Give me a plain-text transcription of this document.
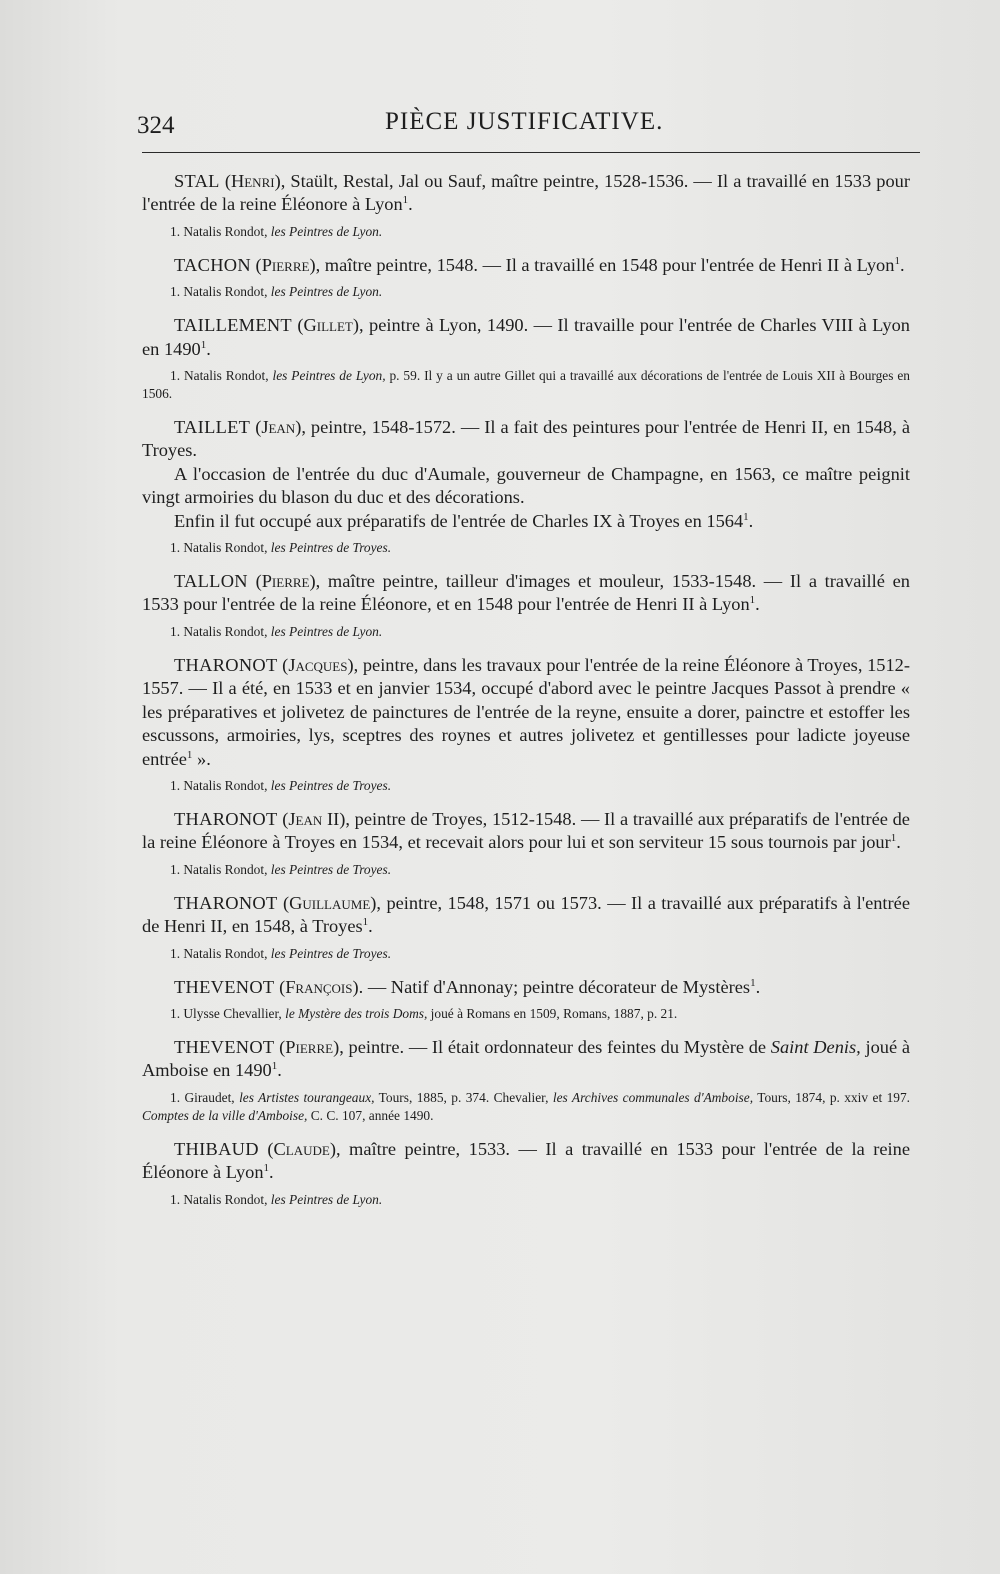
324	PIÈCE JUSTIFICATIVE.

STAL (Henri), Staült, Restal, Jal ou Sauf, maître peintre, 1528-1536. — Il a travaillé en 1533 pour l'entrée de la reine Éléonore à Lyon$^1$.

1. Natalis Rondot, les Peintres de Lyon.

TACHON (Pierre), maître peintre, 1548. — Il a travaillé en 1548 pour l'entrée de Henri II à Lyon$^1$.

1. Natalis Rondot, les Peintres de Lyon.

TAILLEMENT (Gillet), peintre à Lyon, 1490. — Il travaille pour l'entrée de Charles VIII à Lyon en 1490$^1$.

1. Natalis Rondot, les Peintres de Lyon, p. 59. Il y a un autre Gillet qui a travaillé aux décorations de l'entrée de Louis XII à Bourges en 1506.

TAILLET (Jean), peintre, 1548-1572. — Il a fait des peintures pour l'entrée de Henri II, en 1548, à Troyes.

A l'occasion de l'entrée du duc d'Aumale, gouverneur de Champagne, en 1563, ce maître peignit vingt armoiries du blason du duc et des décorations.

Enfin il fut occupé aux préparatifs de l'entrée de Charles IX à Troyes en 1564$^1$.

1. Natalis Rondot, les Peintres de Troyes.

TALLON (Pierre), maître peintre, tailleur d'images et mouleur, 1533-1548. — Il a travaillé en 1533 pour l'entrée de la reine Éléonore, et en 1548 pour l'entrée de Henri II à Lyon$^1$.

1. Natalis Rondot, les Peintres de Lyon.

THARONOT (Jacques), peintre, dans les travaux pour l'entrée de la reine Éléonore à Troyes, 1512-1557. — Il a été, en 1533 et en janvier 1534, occupé d'abord avec le peintre Jacques Passot à prendre « les préparatives et jolivetez de painctures de l'entrée de la reyne, ensuite a dorer, painctre et estoffer les escussons, armoiries, lys, sceptres des roynes et autres jolivetez et gentillesses pour ladicte joyeuse entrée$^1$ ».

1. Natalis Rondot, les Peintres de Troyes.

THARONOT (Jean II), peintre de Troyes, 1512-1548. — Il a travaillé aux préparatifs de l'entrée de la reine Éléonore à Troyes en 1534, et recevait alors pour lui et son serviteur 15 sous tournois par jour$^1$.

1. Natalis Rondot, les Peintres de Troyes.

THARONOT (Guillaume), peintre, 1548, 1571 ou 1573. — Il a travaillé aux préparatifs à l'entrée de Henri II, en 1548, à Troyes$^1$.

1. Natalis Rondot, les Peintres de Troyes.

THEVENOT (François). — Natif d'Annonay; peintre décorateur de Mystères$^1$.

1. Ulysse Chevallier, le Mystère des trois Doms, joué à Romans en 1509, Romans, 1887, p. 21.

THEVENOT (Pierre), peintre. — Il était ordonnateur des feintes du Mystère de Saint Denis, joué à Amboise en 1490$^1$.

1. Giraudet, les Artistes tourangeaux, Tours, 1885, p. 374. Chevalier, les Archives communales d'Amboise, Tours, 1874, p. xxiv et 197. Comptes de la ville d'Amboise, C. C. 107, année 1490.

THIBAUD (Claude), maître peintre, 1533. — Il a travaillé en 1533 pour l'entrée de la reine Éléonore à Lyon$^1$.

1. Natalis Rondot, les Peintres de Lyon.
